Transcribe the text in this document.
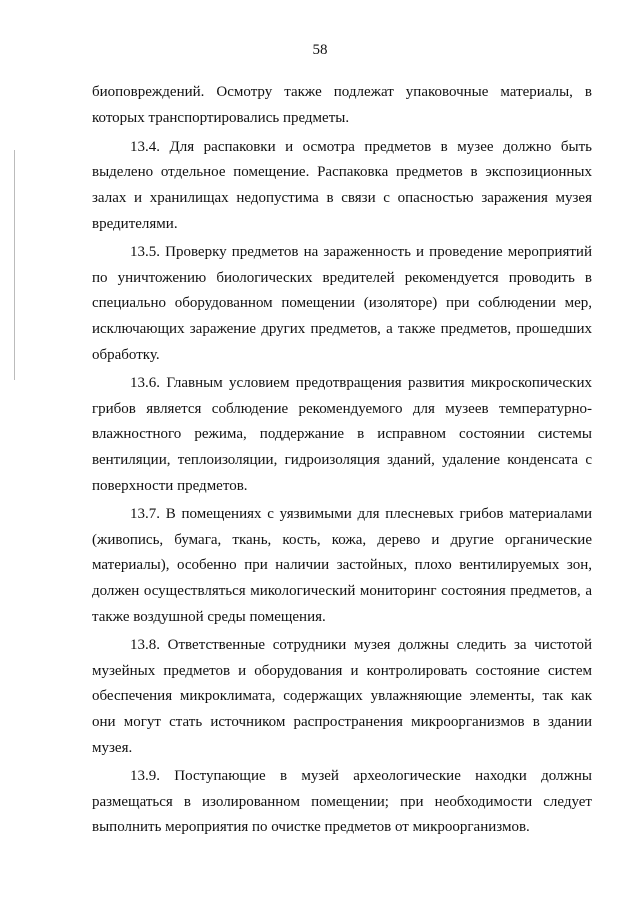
58

биоповреждений. Осмотру также подлежат упаковочные материалы, в которых транспортировались предметы.

13.4. Для распаковки и осмотра предметов в музее должно быть выделено отдельное помещение. Распаковка предметов в экспозиционных залах и хранилищах недопустима в связи с опасностью заражения музея вредителями.

13.5. Проверку предметов на зараженность и проведение мероприятий по уничтожению биологических вредителей рекомендуется проводить в специально оборудованном помещении (изоляторе) при соблюдении мер, исключающих заражение других предметов, а также предметов, прошедших обработку.

13.6. Главным условием предотвращения развития микроскопических грибов является соблюдение рекомендуемого для музеев температурно-влажностного режима, поддержание в исправном состоянии системы вентиляции, теплоизоляции, гидроизоляция зданий, удаление конденсата с поверхности предметов.

13.7. В помещениях с уязвимыми для плесневых грибов материалами (живопись, бумага, ткань, кость, кожа, дерево и другие органические материалы), особенно при наличии застойных, плохо вентилируемых зон, должен осуществляться микологический мониторинг состояния предметов, а также воздушной среды помещения.

13.8. Ответственные сотрудники музея должны следить за чистотой музейных предметов и оборудования и контролировать состояние систем обеспечения микроклимата, содержащих увлажняющие элементы, так как они могут стать источником распространения микроорганизмов в здании музея.

13.9. Поступающие в музей археологические находки должны размещаться в изолированном помещении; при необходимости следует выполнить мероприятия по очистке предметов от микроорганизмов.
